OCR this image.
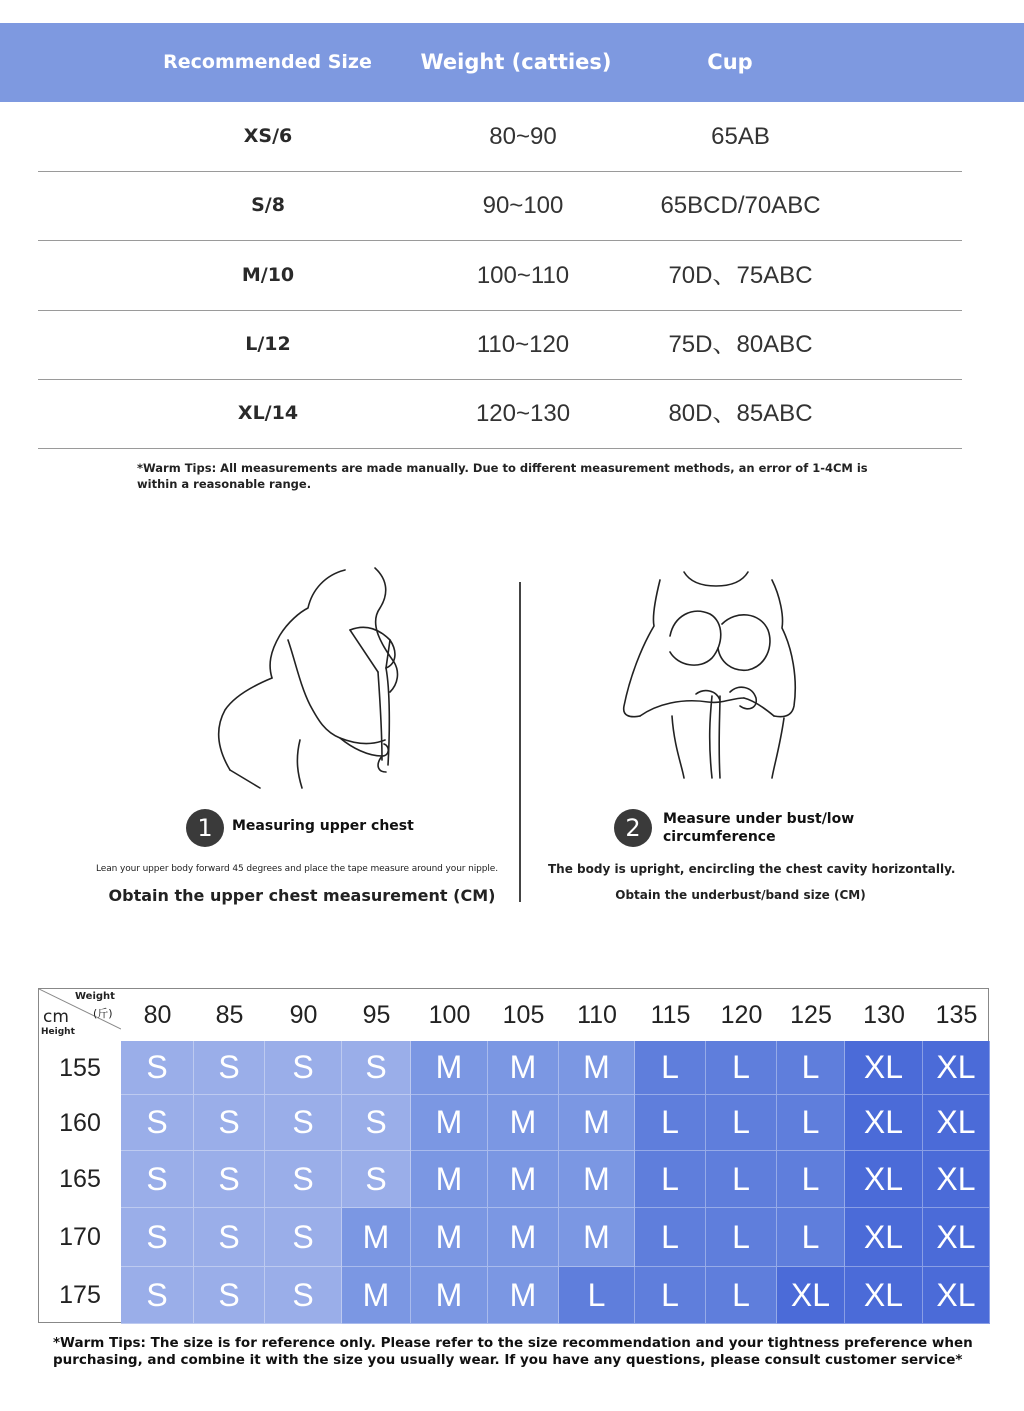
Recommended Size	Weight (catties)	Cup
XS/6	80~90	65AB
S/8	90~100	65BCD/70ABC
M/10	100~110	70D、75ABC
L/12	110~120	75D、80ABC
XL/14	120~130	80D、85ABC
*Warm Tips: All measurements are made manually. Due to different measurement methods, an error of 1-4CM is within a reasonable range.
1	Measuring upper chest
Lean your upper body forward 45 degrees and place the tape measure around your nipple.
Obtain the upper chest measurement (CM)
2	Measure under bust/low circumference
The body is upright, encircling the chest cavity horizontally.
Obtain the underbust/band size (CM)
Weight
(斤)
cm
Height
80	85	90	95	100	105	110	115	120	125	130	135
155	S	S	S	S	M	M	M	L	L	L	XL	XL
160	S	S	S	S	M	M	M	L	L	L	XL	XL
165	S	S	S	S	M	M	M	L	L	L	XL	XL
170	S	S	S	M	M	M	M	L	L	L	XL	XL
175	S	S	S	M	M	M	L	L	L	XL	XL	XL
*Warm Tips: The size is for reference only. Please refer to the size recommendation and your tightness preference when purchasing, and combine it with the size you usually wear. If you have any questions, please consult customer service*
